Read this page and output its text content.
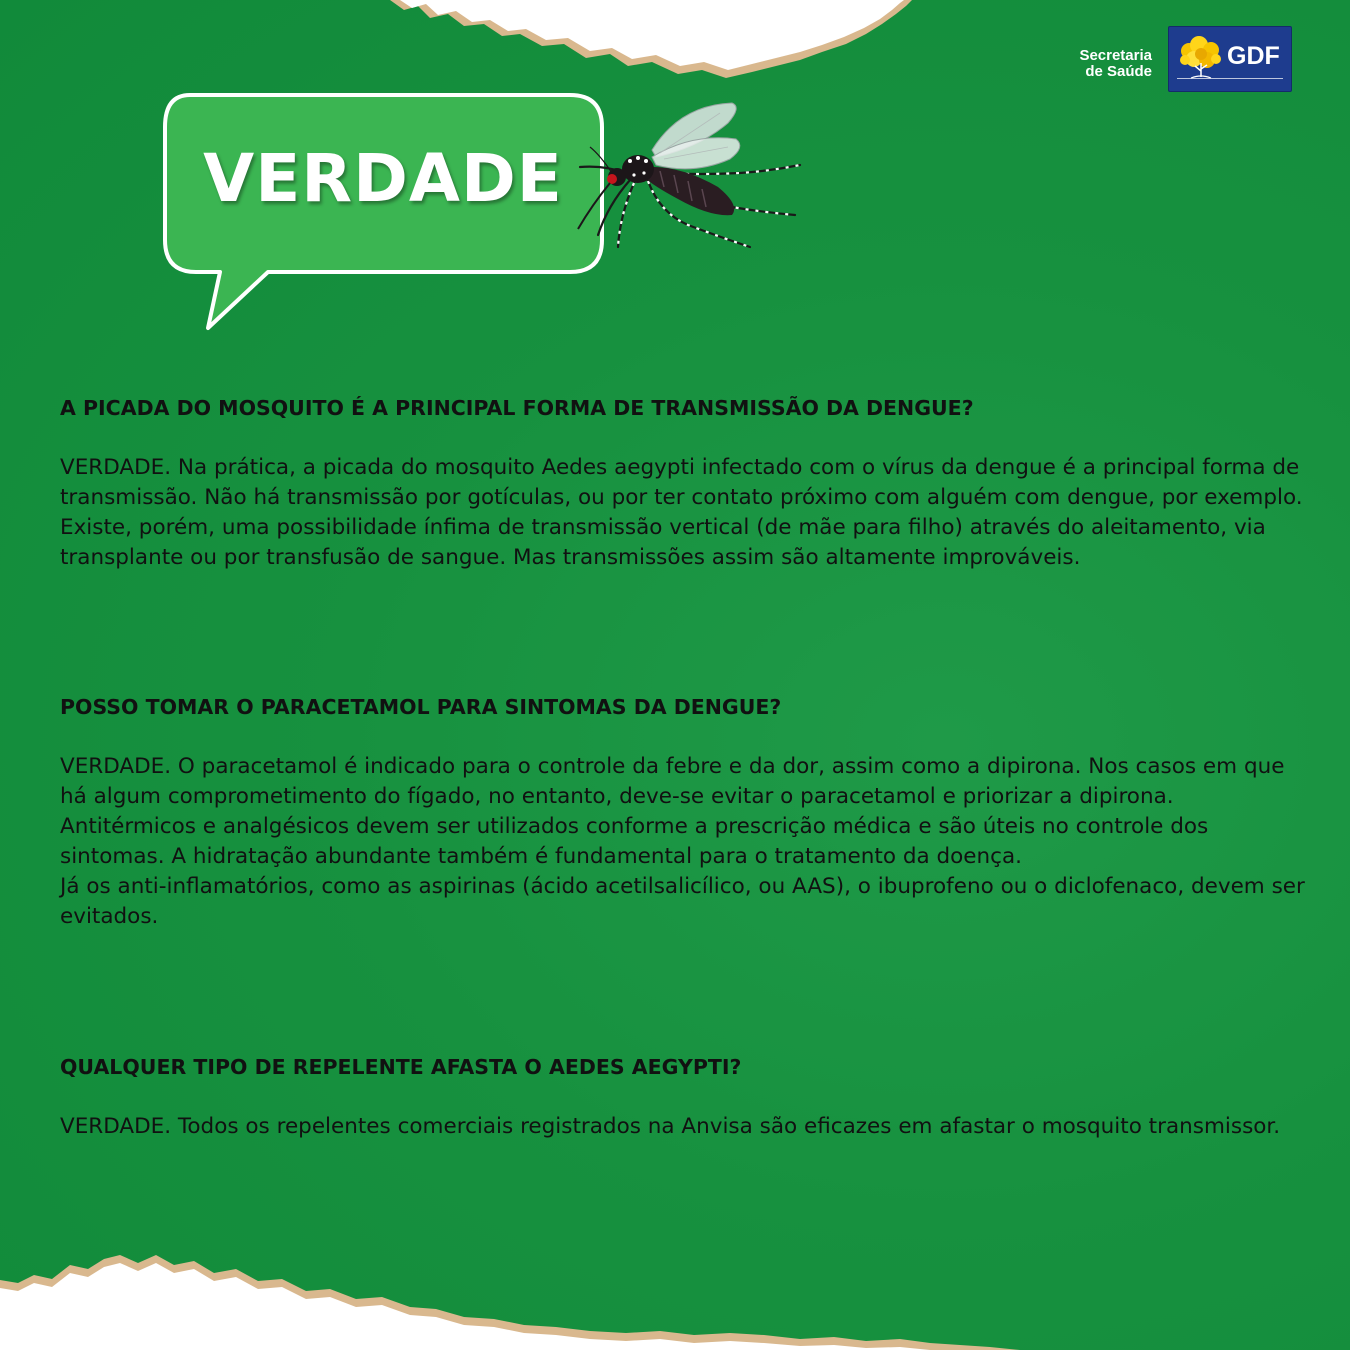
Secretaria
de Saúde
GDF
VERDADE
A PICADA DO MOSQUITO É A PRINCIPAL FORMA DE TRANSMISSÃO DA DENGUE?

VERDADE. Na prática, a picada do mosquito Aedes aegypti infectado com o vírus da dengue é a principal forma de transmissão. Não há transmissão por gotículas, ou por ter contato próximo com alguém com dengue, por exemplo.

Existe, porém, uma possibilidade ínfima de transmissão vertical (de mãe para filho) através do aleitamento, via transplante ou por transfusão de sangue. Mas transmissões assim são altamente improváveis.

POSSO TOMAR O PARACETAMOL PARA SINTOMAS DA DENGUE?

VERDADE. O paracetamol é indicado para o controle da febre e da dor, assim como a dipirona. Nos casos em que há algum comprometimento do fígado, no entanto, deve-se evitar o paracetamol e priorizar a dipirona.

Antitérmicos e analgésicos devem ser utilizados conforme a prescrição médica e são úteis no controle dos sintomas. A hidratação abundante também é fundamental para o tratamento da doença.

Já os anti-inflamatórios, como as aspirinas (ácido acetilsalicílico, ou AAS), o ibuprofeno ou o diclofenaco, devem ser evitados.

QUALQUER TIPO DE REPELENTE AFASTA O AEDES AEGYPTI?

VERDADE. Todos os repelentes comerciais registrados na Anvisa são eficazes em afastar o mosquito transmissor.
